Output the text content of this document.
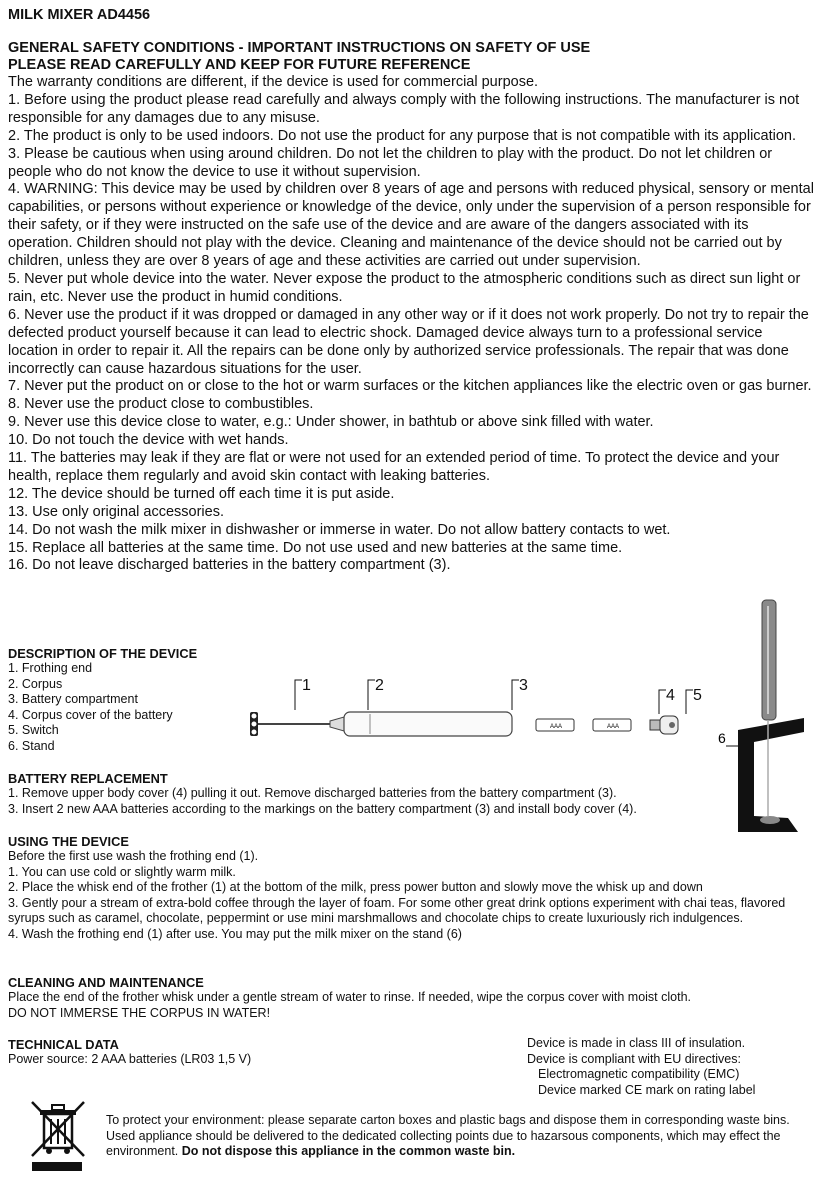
MILK MIXER AD4456

GENERAL SAFETY CONDITIONS - IMPORTANT INSTRUCTIONS ON SAFETY OF USE

PLEASE READ CAREFULLY AND KEEP FOR FUTURE REFERENCE

The warranty conditions are different, if the device is used for commercial purpose.

1. Before using the product please read carefully and always comply with the following instructions. The manufacturer is not responsible for any damages due to any misuse.

2. The product is only to be used indoors. Do not use the product for any purpose that is not compatible with its application.

3. Please be cautious when using around children. Do not let the children to play with the product. Do not let children or people who do not know the device to use it without supervision.

4. WARNING: This device may be used by children over 8 years of age and persons with reduced physical, sensory or mental capabilities, or persons without experience or knowledge of the device, only under the supervision of a person responsible for their safety, or if they were instructed on the safe use of the device and are aware of the dangers associated with its operation. Children should not play with the device. Cleaning and maintenance of the device should not be carried out by children, unless they are over 8 years of age and these activities are carried out under supervision.

5. Never put whole device into the water. Never expose the product to the atmospheric conditions such as direct sun light or rain, etc. Never use the product in humid conditions.

6. Never use the product if it was dropped or damaged in any other way or if it does not work properly. Do not try to repair the defected product yourself because it can lead to electric shock. Damaged device always turn to a professional service location in order to repair it. All the repairs can be done only by authorized service professionals. The repair that was done incorrectly can cause hazardous situations for the user.

7. Never put the product on or close to the hot or warm surfaces or the kitchen appliances like the electric oven or gas burner.

8. Never use the product close to combustibles.

9. Never use this device close to water, e.g.: Under shower, in bathtub or above sink filled with water.

10. Do not touch the device with wet hands.

11. The batteries may leak if they are flat or were not used for an extended period of time. To protect the device and your health, replace them regularly and avoid skin contact with leaking batteries.

12. The device should be turned off each time it is put aside.

13. Use only original accessories.

14. Do not wash the milk mixer in dishwasher or immerse in water. Do not allow battery contacts to wet.

15. Replace all batteries at the same time. Do not use used and new batteries at the same time.

16. Do not leave discharged batteries in the battery compartment (3).

DESCRIPTION OF THE DEVICE

1. Frothing end

2. Corpus

3. Battery compartment

4. Corpus cover of the battery

5. Switch

6. Stand

AAA	AAA
1	2	3
4 5
6

BATTERY REPLACEMENT

1. Remove upper body cover (4) pulling it out. Remove discharged batteries from the battery compartment (3).

3. Insert 2 new AAA batteries according to the markings on the battery compartment (3) and install body cover (4).

USING THE DEVICE

Before the first use wash the frothing end (1).

1. You can use cold or slightly warm milk.

2. Place the whisk end of the frother (1) at the bottom of the milk, press power button and slowly move the whisk up and down

3. Gently pour a stream of extra-bold coffee through the layer of foam. For some other great drink options experiment with chai teas, flavored syrups such as caramel, chocolate, peppermint or use mini marshmallows and chocolate chips to create luxuriously rich indulgences.

4. Wash the frothing end (1) after use. You may put the milk mixer on the stand (6)

CLEANING AND MAINTENANCE

Place the end of the frother whisk under a gentle stream of water to rinse. If needed, wipe the corpus cover with moist cloth.

DO NOT IMMERSE THE CORPUS IN WATER!

TECHNICAL DATA

Power source: 2 AAA batteries (LR03 1,5 V)

Device is made in class III of insulation.

Device is compliant with EU directives:

Electromagnetic compatibility (EMC)

Device marked CE mark on rating label

To protect your environment: please separate carton boxes and plastic bags and dispose them in corresponding waste bins. Used appliance should be delivered to the dedicated collecting points due to hazarsous components, which may effect the environment. Do not dispose this appliance in the common waste bin.
